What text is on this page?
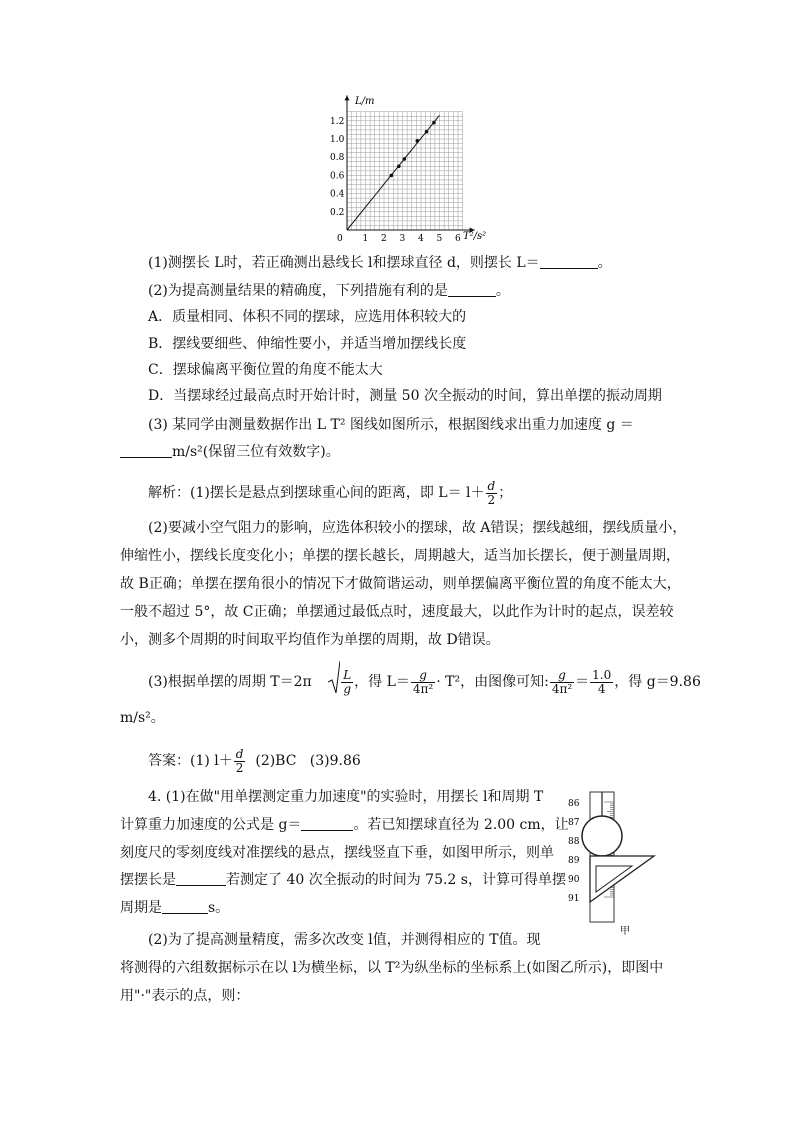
0 1 2 3 4 5 6
0.2
0.4
0.6
0.8
1.0
1.2
L/m
T²/s²
(1)测摆长 L时，若正确测出悬线长 l和摆球直径 d，则摆长 L＝	。
(2)为提高测量结果的精确度，下列措施有利的是	。
A．质量相同、体积不同的摆球，应选用体积较大的
B．摆线要细些、伸缩性要小，并适当增加摆线长度
C．摆球偏离平衡位置的角度不能太大
D．当摆球经过最高点时开始计时，测量 50 次全振动的时间，算出单摆的振动周期
(3) 某同学由测量数据作出 L T² 图线如图所示，根据图线求出重力加速度 g ＝
m/s²(保留三位有效数字)。
解析：(1)摆长是悬点到摆球重心间的距离，即 $L= l+ \frac{d}{2}$ ；
(2)要减小空气阻力的影响，应选体积较小的摆球，故 A错误；摆线越细，摆线质量小，
伸缩性小，摆线长度变化小；单摆的摆长越长，周期越大，适当加长摆长，便于测量周期，
故 B正确；单摆在摆角很小的情况下才做简谐运动，则单摆偏离平衡位置的角度不能太大，
一般不超过 5°，故 C正确；单摆通过最低点时，速度最大，以此作为计时的起点，误差较
小，测多个周期的时间取平均值作为单摆的周期，故 D错误。
(3)根据单摆的周期 $T=2\pi \frac{L}{g}$ ，得 $L= \frac{g}{\text{4π²}} \cdot T^2$，由图像可知: $\frac{g}{\text{4π²}} = \frac{1.0}{4}$ ，得 g＝9.86
m/s²。
答案：(1) $l+ \frac{d}{2} (2)BC$   (3)9.86
4. (1)在做"用单摆测定重力加速度"的实验时，用摆长 l和周期 T
计算重力加速度的公式是 g＝	。若已知摆球直径为 2.00 cm，让
刻度尺的零刻度线对准摆线的悬点，摆线竖直下垂，如图甲所示，则单
摆摆长是	若测定了 40 次全振动的时间为 75.2 s，计算可得单摆
周期是	s。
(2)为了提高测量精度，需多次改变 l值，并测得相应的 T值。现
将测得的六组数据标示在以 l为横坐标，以 T²为纵坐标的坐标系上(如图乙所示)，即图中
用"·"表示的点，则：
甲
86
87
88
89
90
91
